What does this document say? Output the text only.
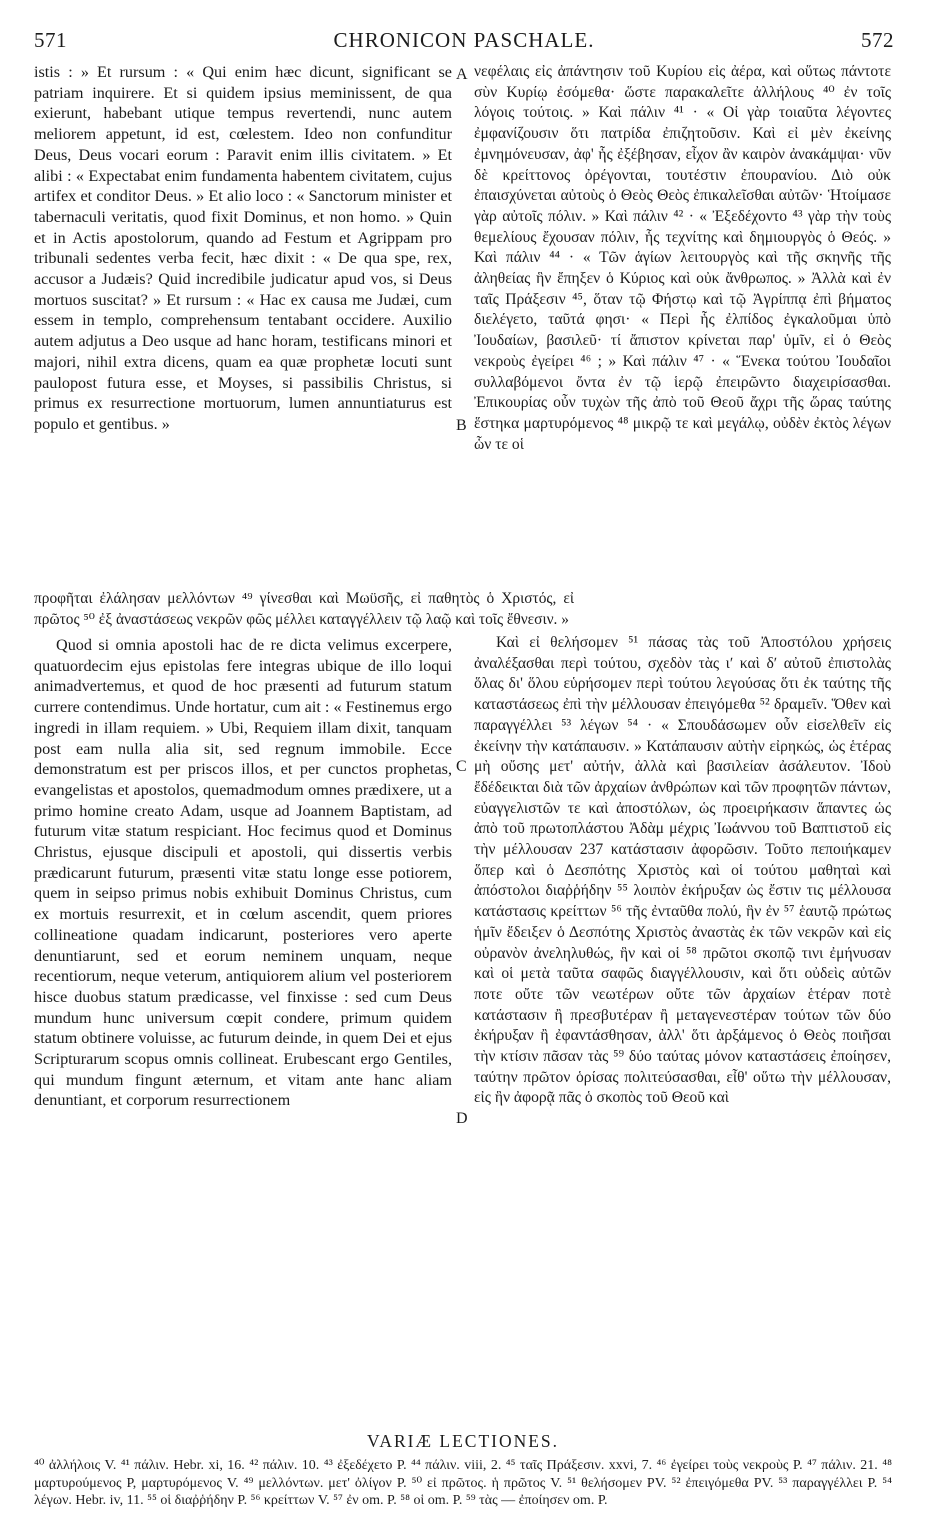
571	CHRONICON PASCHALE.	572

istis : » Et rursum : « Qui enim hæc dicunt, significant se patriam inquirere. Et si quidem ipsius meminissent, de qua exierunt, habebant utique tempus revertendi, nunc autem meliorem appetunt, id est, cœlestem. Ideo non confunditur Deus, Deus vocari eorum : Paravit enim illis civitatem. » Et alibi : « Expectabat enim fundamenta habentem civitatem, cujus artifex et conditor Deus. » Et alio loco : « Sanctorum minister et tabernaculi veritatis, quod fixit Dominus, et non homo. » Quin et in Actis apostolorum, quando ad Festum et Agrippam pro tribunali sedentes verba fecit, hæc dixit : « De qua spe, rex, accusor a Judæis? Quid incredibile judicatur apud vos, si Deus mortuos suscitat? » Et rursum : « Hac ex causa me Judæi, cum essem in templo, comprehensum tentabant occidere. Auxilio autem adjutus a Deo usque ad hanc horam, testificans minori et majori, nihil extra dicens, quam ea quæ prophetæ locuti sunt paulopost futura esse, et Moyses, si passibilis Christus, si primus ex resurrectione mortuorum, lumen annuntiaturus est populo et gentibus. »

νεφέλαις εἰς ἀπάντησιν τοῦ Κυρίου εἰς ἀέρα, καὶ οὕτως πάντοτε σὺν Κυρίῳ ἐσόμεθα· ὥστε παρακαλεῖτε ἀλλήλους ⁴⁰ ἐν τοῖς λόγοις τούτοις. » Καὶ πάλιν ⁴¹ · « Οἱ γὰρ τοιαῦτα λέγοντες ἐμφανίζουσιν ὅτι πατρίδα ἐπιζητοῦσιν. Καὶ εἰ μὲν ἐκείνης ἐμνημόνευσαν, ἀφ' ἧς ἐξέβησαν, εἶχον ἂν καιρὸν ἀνακάμψαι· νῦν δὲ κρείττονος ὀρέγονται, τουτέστιν ἐπουρανίου. Διὸ οὐκ ἐπαισχύνεται αὐτοὺς ὁ Θεὸς Θεὸς ἐπικαλεῖσθαι αὐτῶν· Ἡτοίμασε γὰρ αὐτοῖς πόλιν. » Καὶ πάλιν ⁴² · « Ἐξεδέχοντο ⁴³ γὰρ τὴν τοὺς θεμελίους ἔχουσαν πόλιν, ἧς τεχνίτης καὶ δημιουργὸς ὁ Θεός. » Καὶ πάλιν ⁴⁴ · « Τῶν ἁγίων λειτουργὸς καὶ τῆς σκηνῆς τῆς ἀληθείας ἣν ἔπηξεν ὁ Κύριος καὶ οὐκ ἄνθρωπος. » Ἀλλὰ καὶ ἐν ταῖς Πράξεσιν ⁴⁵, ὅταν τῷ Φήστῳ καὶ τῷ Ἀγρίππᾳ ἐπὶ βήματος διελέγετο, ταῦτά φησι· « Περὶ ἧς ἐλπίδος ἐγκαλοῦμαι ὑπὸ Ἰουδαίων, βασιλεῦ· τί ἄπιστον κρίνεται παρ' ὑμῖν, εἰ ὁ Θεὸς νεκροὺς ἐγείρει ⁴⁶ ; » Καὶ πάλιν ⁴⁷ · « Ἕνεκα τούτου Ἰουδαῖοι συλλαβόμενοι ὄντα ἐν τῷ ἱερῷ ἐπειρῶντο διαχειρίσασθαι. Ἐπικουρίας οὖν τυχὼν τῆς ἀπὸ τοῦ Θεοῦ ἄχρι τῆς ὥρας ταύτης ἕστηκα μαρτυρόμενος ⁴⁸ μικρῷ τε καὶ μεγάλῳ, οὐδὲν ἐκτὸς λέγων ὧν τε οἱ

προφῆται ἐλάλησαν μελλόντων ⁴⁹ γίνεσθαι καὶ Μωϋσῆς, εἰ παθητὸς ὁ Χριστός, εἰ πρῶτος ⁵⁰ ἐξ ἀναστάσεως νεκρῶν φῶς μέλλει καταγγέλλειν τῷ λαῷ καὶ τοῖς ἔθνεσιν. »

Quod si omnia apostoli hac de re dicta velimus excerpere, quatuordecim ejus epistolas fere integras ubique de illo loqui animadvertemus, et quod de hoc præsenti ad futurum statum currere contendimus. Unde hortatur, cum ait : « Festinemus ergo ingredi in illam requiem. » Ubi, Requiem illam dixit, tanquam post eam nulla alia sit, sed regnum immobile. Ecce demonstratum est per priscos illos, et per cunctos prophetas, evangelistas et apostolos, quemadmodum omnes prædixere, ut a primo homine creato Adam, usque ad Joannem Baptistam, ad futurum vitæ statum respiciant. Hoc fecimus quod et Dominus Christus, ejusque discipuli et apostoli, qui dissertis verbis prædicarunt futurum, præsenti vitæ statu longe esse potiorem, quem in seipso primus nobis exhibuit Dominus Christus, cum ex mortuis resurrexit, et in cœlum ascendit, quem priores collineatione quadam indicarunt, posteriores vero aperte denuntiarunt, sed et eorum neminem unquam, neque recentiorum, neque veterum, antiquiorem alium vel posteriorem hisce duobus statum prædicasse, vel finxisse : sed cum Deus mundum hunc universum cœpit condere, primum quidem statum obtinere voluisse, ac futurum deinde, in quem Dei et ejus Scripturarum scopus omnis collineat. Erubescant ergo Gentiles, qui mundum fingunt æternum, et vitam ante hanc aliam denuntiant, et corporum resurrectionem

Καὶ εἰ θελήσομεν ⁵¹ πάσας τὰς τοῦ Ἀποστόλου χρήσεις ἀναλέξασθαι περὶ τούτου, σχεδὸν τὰς ιʹ καὶ δʹ αὐτοῦ ἐπιστολὰς ὅλας δι' ὅλου εὑρήσομεν περὶ τούτου λεγούσας ὅτι ἐκ ταύτης τῆς καταστάσεως ἐπὶ τὴν μέλλουσαν ἐπειγόμεθα ⁵² δραμεῖν. Ὅθεν καὶ παραγγέλλει ⁵³ λέγων ⁵⁴ · « Σπουδάσωμεν οὖν εἰσελθεῖν εἰς ἐκείνην τὴν κατάπαυσιν. » Κατάπαυσιν αὐτὴν εἰρηκώς, ὡς ἑτέρας μὴ οὔσης μετ' αὐτήν, ἀλλὰ καὶ βασιλείαν ἀσάλευτον. Ἰδοὺ ἔδέδεικται διὰ τῶν ἀρχαίων ἀνθρώπων καὶ τῶν προφητῶν πάντων, εὐαγγελιστῶν τε καὶ ἀποστόλων, ὡς προειρήκασιν ἅπαντες ὡς ἀπὸ τοῦ πρωτοπλάστου Ἀδὰμ μέχρις Ἰωάννου τοῦ Βαπτιστοῦ εἰς τὴν μέλλουσαν 237 κατάστασιν ἀφορῶσιν. Τοῦτο πεποιήκαμεν ὅπερ καὶ ὁ Δεσπότης Χριστὸς καὶ οἱ τούτου μαθηταὶ καὶ ἀπόστολοι διαῤῥήδην ⁵⁵ λοιπὸν ἐκήρυξαν ὡς ἔστιν τις μέλλουσα κατάστασις κρείττων ⁵⁶ τῆς ἐνταῦθα πολύ, ἣν ἐν ⁵⁷ ἑαυτῷ πρώτως ἡμῖν ἔδειξεν ὁ Δεσπότης Χριστὸς ἀναστὰς ἐκ τῶν νεκρῶν καὶ εἰς οὐρανὸν ἀνεληλυθώς, ἣν καὶ οἱ ⁵⁸ πρῶτοι σκοπῷ τινι ἐμήνυσαν καὶ οἱ μετὰ ταῦτα σαφῶς διαγγέλλουσιν, καὶ ὅτι οὐδεὶς αὐτῶν ποτε οὔτε τῶν νεωτέρων οὔτε τῶν ἀρχαίων ἑτέραν ποτὲ κατάστασιν ἢ πρεσβυτέραν ἢ μεταγενεστέραν τούτων τῶν δύο ἐκήρυξαν ἢ ἐφαντάσθησαν, ἀλλ' ὅτι ἀρξάμενος ὁ Θεὸς ποιῆσαι τὴν κτίσιν πᾶσαν τὰς ⁵⁹ δύο ταύτας μόνον καταστάσεις ἐποίησεν, ταύτην πρῶτον ὁρίσας πολιτεύσασθαι, εἶθ' οὕτω τὴν μέλλουσαν, εἰς ἣν ἀφορᾷ πᾶς ὁ σκοπὸς τοῦ Θεοῦ καὶ

A
B
C
D
VARIÆ LECTIONES.

⁴⁰ ἀλλήλοις V. ⁴¹ πάλιν. Hebr. xi, 16. ⁴² πάλιν. 10. ⁴³ ἐξεδέχετο P. ⁴⁴ πάλιν. viii, 2. ⁴⁵ ταῖς Πράξεσιν. xxvi, 7. ⁴⁶ ἐγείρει τοὺς νεκροὺς P. ⁴⁷ πάλιν. 21. ⁴⁸ μαρτυρούμενος P, μαρτυρόμενος V. ⁴⁹ μελλόντων. μετ' ὀλίγον P. ⁵⁰ εἰ πρῶτος. ἡ πρῶτος V. ⁵¹ θελήσομεν PV. ⁵² ἐπειγόμεθα PV. ⁵³ παραγγέλλει P. ⁵⁴ λέγων. Hebr. iv, 11. ⁵⁵ οἱ διαῤῥήδην P. ⁵⁶ κρείττων V. ⁵⁷ ἐν om. P. ⁵⁸ οἱ om. P. ⁵⁹ τὰς — ἐποίησεν om. P.
